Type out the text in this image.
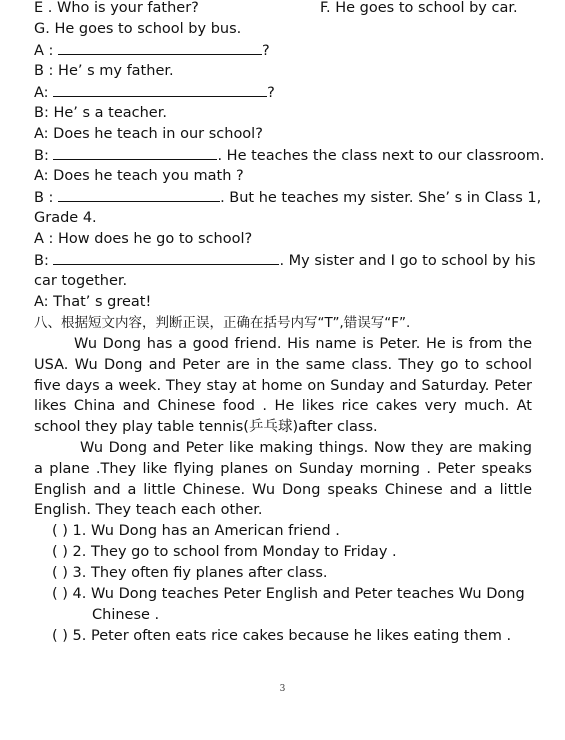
E . Who is your father?	F. He goes to school by car.
G. He goes to school by bus.
A :	?
B : He’ s my father.
A:	?
B: He’ s a teacher.
A: Does he teach in our school?
B:	. He teaches the class next to our classroom.
A: Does he teach you math ?
B :	. But he teaches my sister. She’ s in Class 1,
Grade 4.
A : How does he go to school?
B:	. My sister and I go to school by his
car together.
A: That’ s great!
八、根据短文内容，判断正误，正确在括号内写“T”,错误写“F”.
Wu Dong has a good friend. His name is Peter. He is from the USA. Wu Dong and Peter are in the same class. They go to school five days a week. They stay at home on Sunday and Saturday. Peter likes China and Chinese food . He likes rice cakes very much. At school they play table tennis(乒乓球)after class.
Wu Dong and Peter like making things. Now they are making a plane .They like flying planes on Sunday morning . Peter speaks English and a little Chinese. Wu Dong speaks Chinese and a little English. They teach each other.
( ) 1. Wu Dong has an American friend .
( ) 2. They go to school from Monday to Friday .
( ) 3. They often fiy planes after class.
( ) 4. Wu Dong teaches Peter English and Peter teaches Wu Dong
Chinese .
( ) 5. Peter often eats rice cakes because he likes eating them .
3
